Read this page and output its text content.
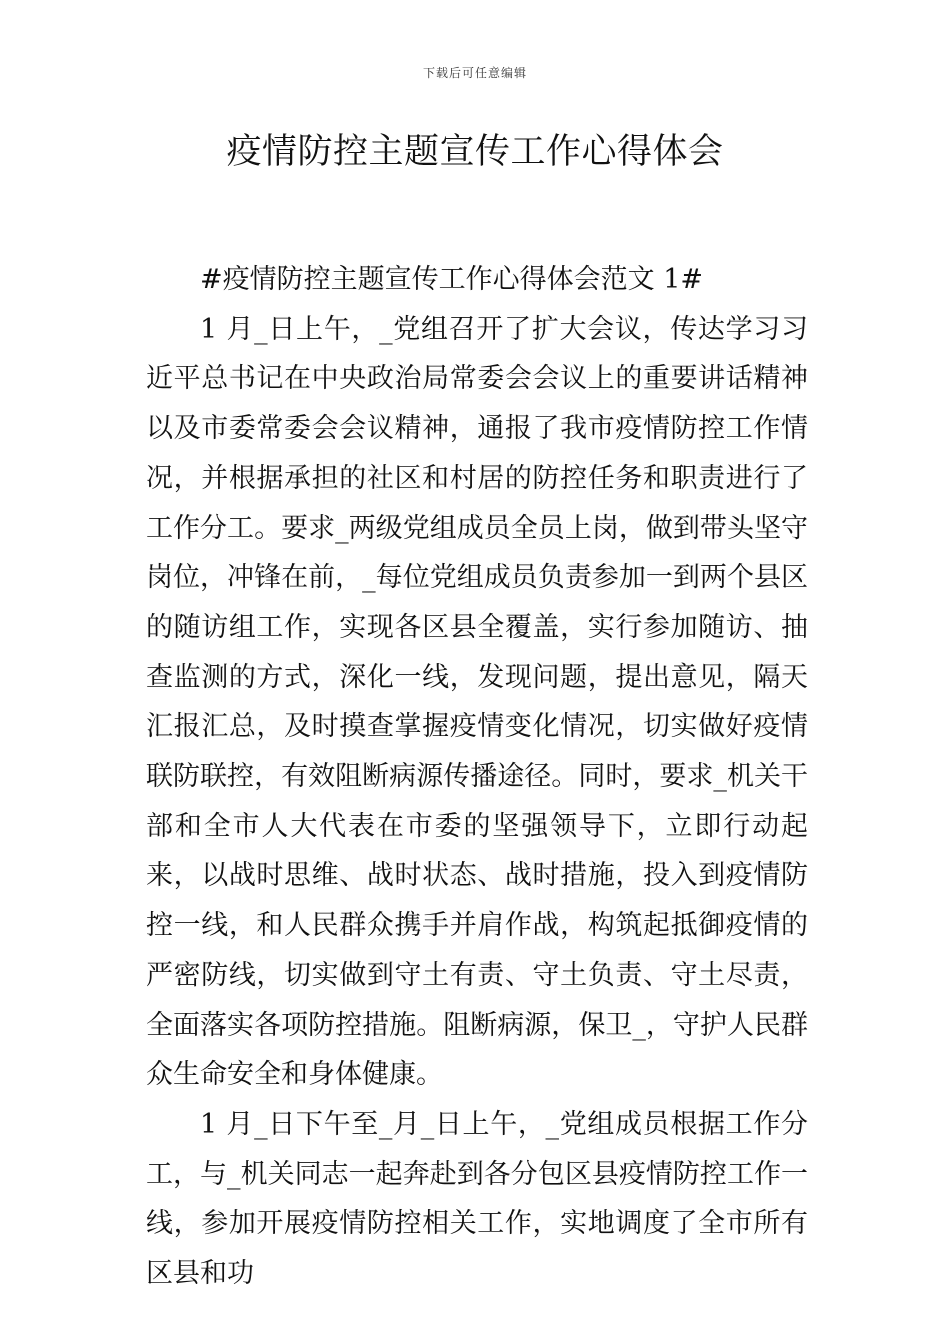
下载后可任意编辑
疫情防控主题宣传工作心得体会

#疫情防控主题宣传工作心得体会范文 1#

1 月_日上午，_党组召开了扩大会议，传达学习习近平总书记在中央政治局常委会会议上的重要讲话精神以及市委常委会会议精神，通报了我市疫情防控工作情况，并根据承担的社区和村居的防控任务和职责进行了工作分工。要求_两级党组成员全员上岗，做到带头坚守岗位，冲锋在前，_每位党组成员负责参加一到两个县区的随访组工作，实现各区县全覆盖，实行参加随访、抽查监测的方式，深化一线，发现问题，提出意见，隔天汇报汇总，及时摸查掌握疫情变化情况，切实做好疫情联防联控，有效阻断病源传播途径。同时，要求_机关干部和全市人大代表在市委的坚强领导下，立即行动起来，以战时思维、战时状态、战时措施，投入到疫情防控一线，和人民群众携手并肩作战，构筑起抵御疫情的严密防线，切实做到守土有责、守土负责、守土尽责，全面落实各项防控措施。阻断病源，保卫_，守护人民群众生命安全和身体健康。

1 月_日下午至_月_日上午，_党组成员根据工作分工，与_机关同志一起奔赴到各分包区县疫情防控工作一线，参加开展疫情防控相关工作，实地调度了全市所有区县和功
